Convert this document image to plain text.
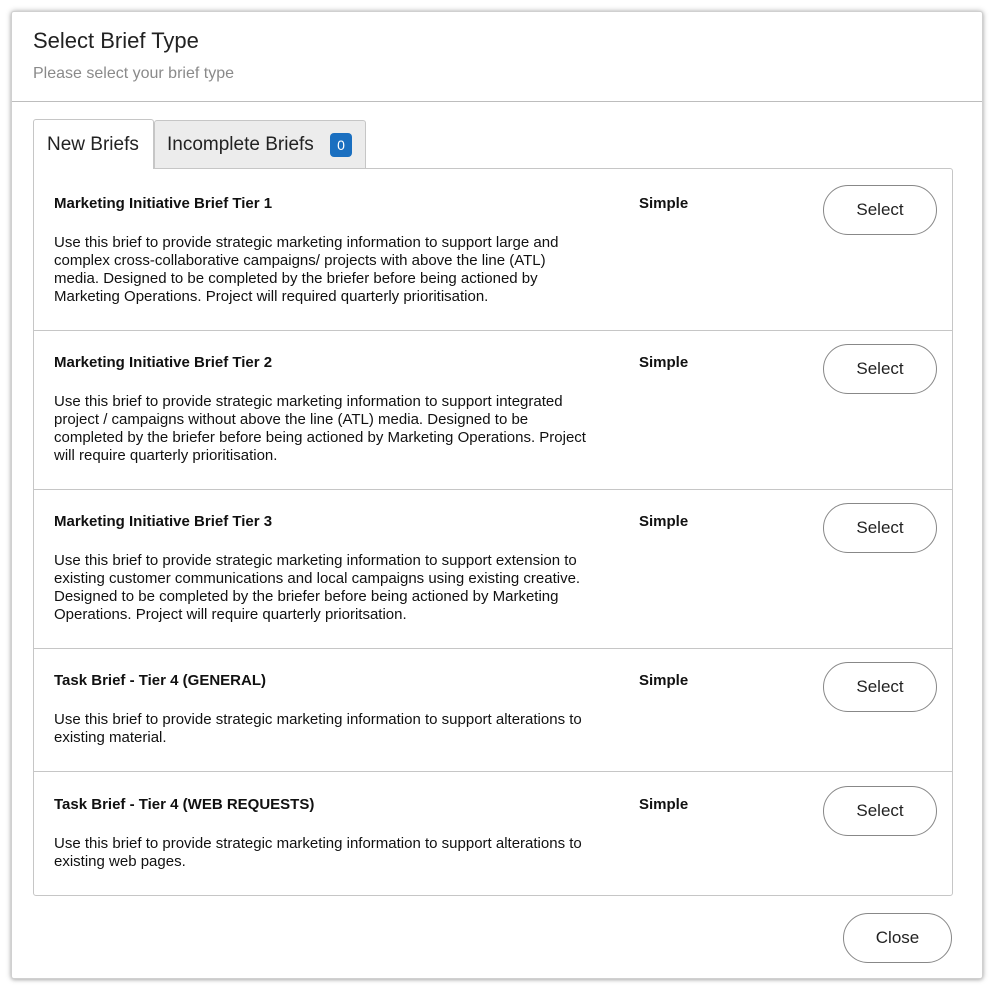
Select Brief Type
Please select your brief type
New Briefs Incomplete Briefs	0
Marketing Initiative Brief Tier 1
Use this brief to provide strategic marketing information to support large and complex cross-collaborative campaigns/ projects with above the line (ATL) media. Designed to be completed by the briefer before being actioned by Marketing Operations. Project will required quarterly prioritisation.
Simple	Select
Marketing Initiative Brief Tier 2
Use this brief to provide strategic marketing information to support integrated project / campaigns without above the line (ATL) media. Designed to be completed by the briefer before being actioned by Marketing Operations. Project will require quarterly prioritisation.
Simple	Select
Marketing Initiative Brief Tier 3
Use this brief to provide strategic marketing information to support extension to existing customer communications and local campaigns using existing creative. Designed to be completed by the briefer before being actioned by Marketing Operations. Project will require quarterly prioritsation.
Simple	Select
Task Brief - Tier 4 (GENERAL)
Use this brief to provide strategic marketing information to support alterations to existing material.
Simple	Select
Task Brief - Tier 4 (WEB REQUESTS)
Use this brief to provide strategic marketing information to support alterations to existing web pages.
Simple	Select
Close
